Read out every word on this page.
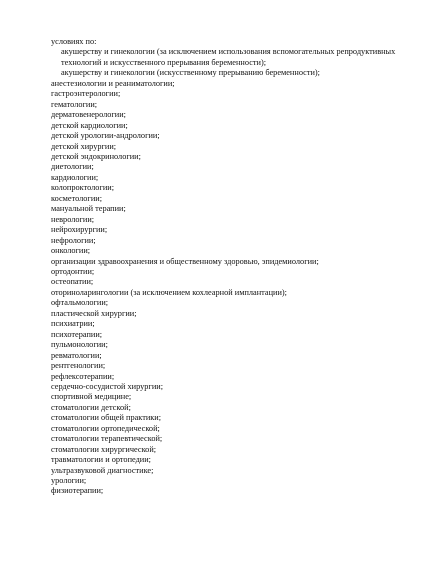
условиях по:
акушерству и гинекологии (за исключением использования вспомогательных репродуктивных технологий и искусственного прерывания беременности);
акушерству и гинекологии (искусственному прерыванию беременности);
анестезиологии и реаниматологии;
гастроэнтерологии;
гематологии;
дерматовенерологии;
детской кардиологии;
детской урологии-андрологии;
детской хирургии;
детской эндокринологии;
диетологии;
кардиологии;
колопроктологии;
косметологии;
мануальной терапии;
неврологии;
нейрохирургии;
нефрологии;
онкологии;
организации здравоохранения и общественному здоровью, эпидемиологии;
ортодонтии;
остеопатии;
оториноларингологии (за исключением кохлеарной имплантации);
офтальмологии;
пластической хирургии;
психиатрии;
психотерапии;
пульмонологии;
ревматологии;
рентгенологии;
рефлексотерапии;
сердечно-сосудистой хирургии;
спортивной медицине;
стоматологии детской;
стоматологии общей практики;
стоматологии ортопедической;
стоматологии терапевтической;
стоматологии хирургической;
травматологии и ортопедии;
ультразвуковой диагностике;
урологии;
физиотерапии;
